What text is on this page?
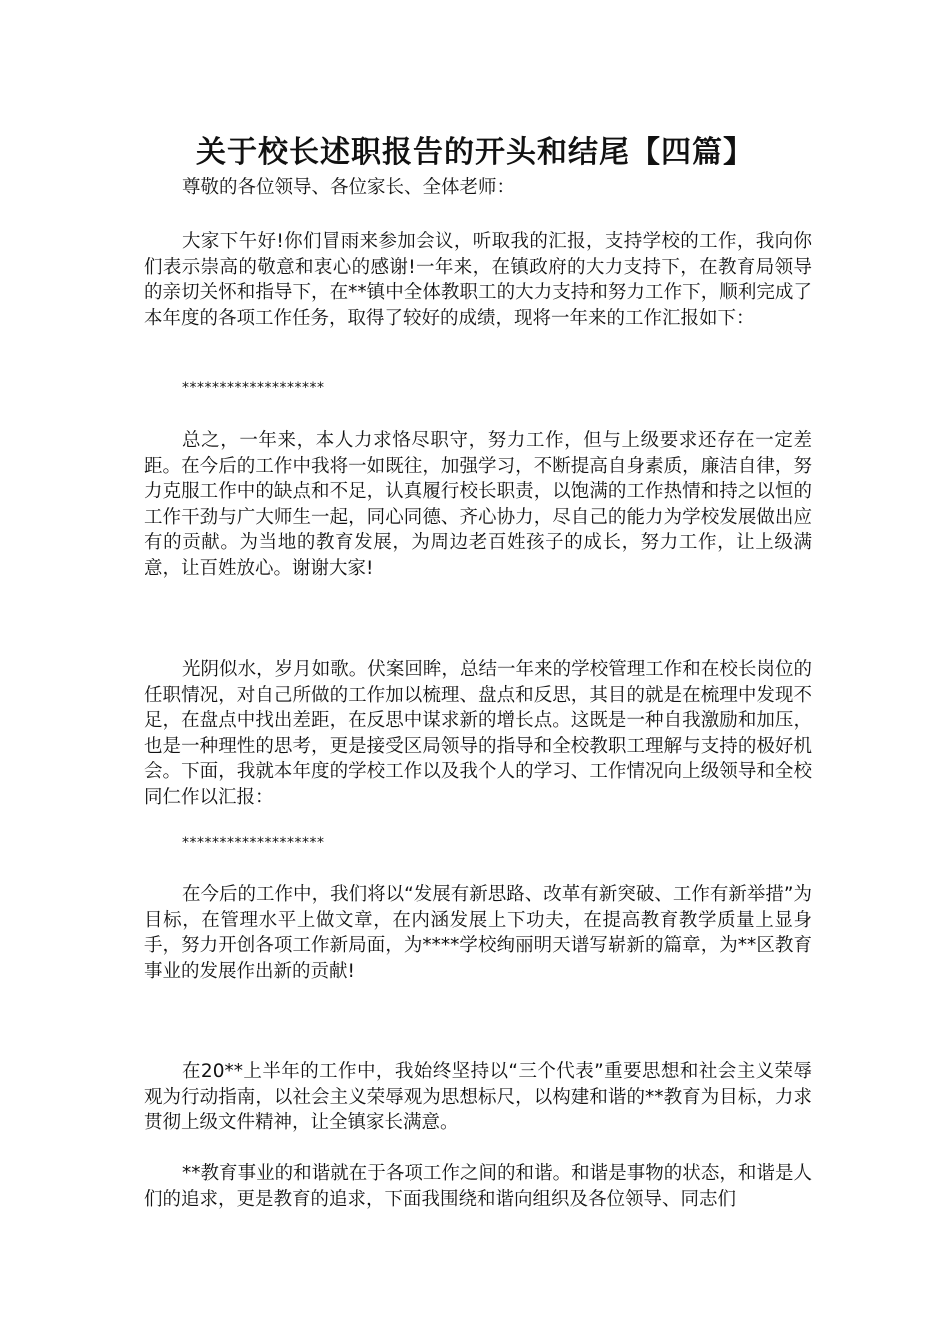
关于校长述职报告的开头和结尾【四篇】

尊敬的各位领导、各位家长、全体老师：

大家下午好!你们冒雨来参加会议，听取我的汇报，支持学校的工作，我向你们表示崇高的敬意和衷心的感谢!一年来，在镇政府的大力支持下，在教育局领导的亲切关怀和指导下，在**镇中全体教职工的大力支持和努力工作下，顺利完成了本年度的各项工作任务，取得了较好的成绩，现将一年来的工作汇报如下：

*******************

总之，一年来，本人力求恪尽职守，努力工作，但与上级要求还存在一定差距。在今后的工作中我将一如既往，加强学习，不断提高自身素质，廉洁自律，努力克服工作中的缺点和不足，认真履行校长职责，以饱满的工作热情和持之以恒的工作干劲与广大师生一起，同心同德、齐心协力，尽自己的能力为学校发展做出应有的贡献。为当地的教育发展，为周边老百姓孩子的成长，努力工作，让上级满意，让百姓放心。谢谢大家!

光阴似水，岁月如歌。伏案回眸，总结一年来的学校管理工作和在校长岗位的任职情况，对自己所做的工作加以梳理、盘点和反思，其目的就是在梳理中发现不足，在盘点中找出差距，在反思中谋求新的增长点。这既是一种自我激励和加压，也是一种理性的思考，更是接受区局领导的指导和全校教职工理解与支持的极好机会。下面，我就本年度的学校工作以及我个人的学习、工作情况向上级领导和全校同仁作以汇报：

*******************

在今后的工作中，我们将以“发展有新思路、改革有新突破、工作有新举措”为目标，在管理水平上做文章，在内涵发展上下功夫，在提高教育教学质量上显身手，努力开创各项工作新局面，为****学校绚丽明天谱写崭新的篇章，为**区教育事业的发展作出新的贡献!

在20**上半年的工作中，我始终坚持以“三个代表”重要思想和社会主义荣辱观为行动指南，以社会主义荣辱观为思想标尺，以构建和谐的**教育为目标，力求贯彻上级文件精神，让全镇家长满意。

**教育事业的和谐就在于各项工作之间的和谐。和谐是事物的状态，和谐是人们的追求，更是教育的追求，下面我围绕和谐向组织及各位领导、同志们
